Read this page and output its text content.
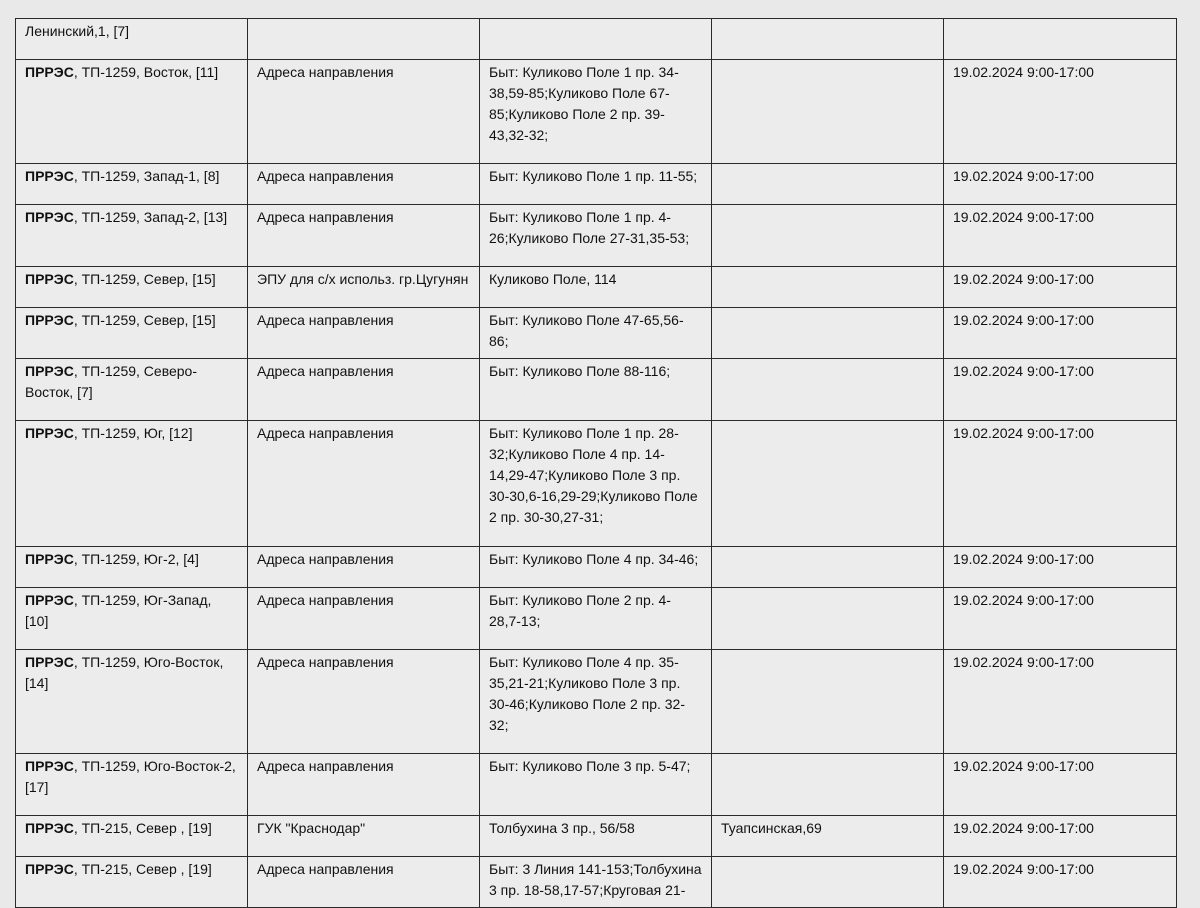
Ленинский,1, [7]				
ПРРЭС, ТП-1259, Восток, [11]	Адреса направления	Быт: Куликово Поле 1 пр. 34-38,59-85;Куликово Поле 67-85;Куликово Поле 2 пр. 39-43,32-32;		19.02.2024 9:00-17:00
ПРРЭС, ТП-1259, Запад-1, [8]	Адреса направления	Быт: Куликово Поле 1 пр. 11-55;		19.02.2024 9:00-17:00
ПРРЭС, ТП-1259, Запад-2, [13]	Адреса направления	Быт: Куликово Поле 1 пр. 4-26;Куликово Поле 27-31,35-53;		19.02.2024 9:00-17:00
ПРРЭС, ТП-1259, Север, [15]	ЭПУ для с/х использ. гр.Цугунян	Куликово Поле, 114		19.02.2024 9:00-17:00
ПРРЭС, ТП-1259, Север, [15]	Адреса направления	Быт: Куликово Поле 47-65,56-86;		19.02.2024 9:00-17:00
ПРРЭС, ТП-1259, Северо-Восток, [7]	Адреса направления	Быт: Куликово Поле 88-116;		19.02.2024 9:00-17:00
ПРРЭС, ТП-1259, Юг, [12]	Адреса направления	Быт: Куликово Поле 1 пр. 28-32;Куликово Поле 4 пр. 14-14,29-47;Куликово Поле 3 пр. 30-30,6-16,29-29;Куликово Поле 2 пр. 30-30,27-31;		19.02.2024 9:00-17:00
ПРРЭС, ТП-1259, Юг-2, [4]	Адреса направления	Быт: Куликово Поле 4 пр. 34-46;		19.02.2024 9:00-17:00
ПРРЭС, ТП-1259, Юг-Запад, [10]	Адреса направления	Быт: Куликово Поле 2 пр. 4-28,7-13;		19.02.2024 9:00-17:00
ПРРЭС, ТП-1259, Юго-Восток, [14]	Адреса направления	Быт: Куликово Поле 4 пр. 35-35,21-21;Куликово Поле 3 пр. 30-46;Куликово Поле 2 пр. 32-32;		19.02.2024 9:00-17:00
ПРРЭС, ТП-1259, Юго-Восток-2, [17]	Адреса направления	Быт: Куликово Поле 3 пр. 5-47;		19.02.2024 9:00-17:00
ПРРЭС, ТП-215, Север , [19]	ГУК "Краснодар"	Толбухина 3 пр., 56/58	Туапсинская,69	19.02.2024 9:00-17:00
ПРРЭС, ТП-215, Север , [19]	Адреса направления	Быт: 3 Линия 141-153;Толбухина 3 пр. 18-58,17-57;Круговая 21-		19.02.2024 9:00-17:00
